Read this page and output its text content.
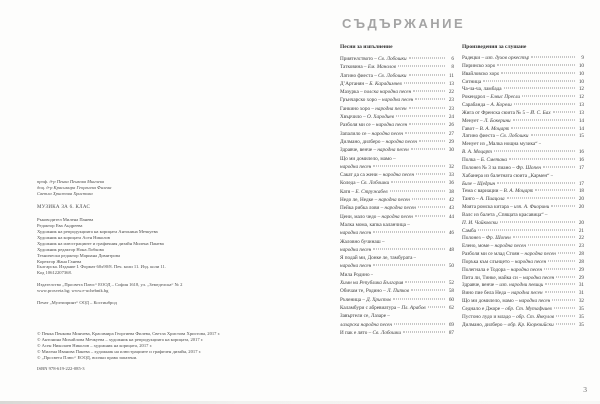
СЪДЪРЖАНИЕ
Песни за изпълнение
Приятелството – Св. Лобошки	6
Татковина – Ем. Манолов	8
Латино фиеста – Св. Лобошки	11
Д’Артанян – Б. Карадимчев	13
Мазурка – полска народна песен	22
Грънчарско хоро – народна песен	23
Ганкино хоро – народна песен	23
Хвърчило – О. Хародиев	24
Разболя ми се – народна песен	26
Запалило се – народна песен	27
Дилмано, дилберо – народна песен	29
Здравче, венче – народна песен	30
Що ми домилело, мамо –
народна песен	32
Сакат да са жени – народна песен	33
Коледа – Св. Лобошки	36
Катя – Е. Стружабев	38
Недо ле, Недке – народна песен	42
Пейка рибка лови – народна песен	43
Цени, мало чедо – народна песен	44
Малка мома, капка каланчица –
народна песен	46
Жаловно бучинаш –
народна песен	48
Я подай ми, Донке ле, тамбурата –
народна песен	50
Мила Родино –
Химн на Република България	52
Обичам те, Родино – Л. Пипков	58
Ръченица – Д. Христов	60
Каламбури с абревиатура – Пл. Арабов	62
Завъртели се, Лазаре –
лазарска народна песен	69
И пак е лято – Св. Лобошки	87
Произведения за слушане
Радецки – изп. духов оркестър	9
Пиринско хоро	10
Ивайловско хоро	10
Ситница	10
Ча-ча-ча, ламбада	12
Рокендрол – Елвис Пресли	12
Сарабанда – А. Корели	13
Жига от Френска сюита № 5 – Й. С. Бах	13
Менует – Л. Бокерини	14
Гавот – В. А. Моцарт	14
Латино фиеста – Св. Лобошки	15
Менует из „Малка нощна музика“ –
В. А. Моцарт	16
Полка – Б. Сметана	16
Полонез № 3 за пиано – Фр. Шопен	17
Хабанера из балетната сюита „Кармен“ –
Бизе – Щедрин	17
Тема с вариации – В. А. Моцарт	18
Танго – А. Пиацола	20
Моята ромска китара – изп. А. Фиорини	20
Валс из балета „Спящата красавица“ –
П. И. Чайковски	20
Самба	21
Полонез – Фр. Шопен	22
Елено, моме – народна песен	23
Разболя ми се млад Стоян – народна песен	28
Поръка към слънцето – народна песен	28
Полегнала е Тодора – народна песен	29
Пита ли, Тинке, майка си – народна песен	29
Здравче, венче – изп. народни певици	31
Вино пие бела Неда – народна песен	31
Що ми домилело, мамо – народна песен	32
Седнало е Джоре – обр. Ст. Мутафчиев	35
Пустоно лудо и младо – обр. Ст. Янкулов	35
Дилмано, дилберо – обр. Кр. Кюркчийски	35
проф. д-р Пенка Пенкова Минчева
доц. д-р Красимира Георгиева Филева
Светла Христова Христова
МУЗИКА ЗА 6. КЛАС
Ръководител Милена Панева
Редактор Ева Андреева
Художник на репродукцията на корицата Антонина Мечкуева
Художник на корицата Асен Николов
Художник на илюстрациите и графичния дизайн Милена Панева
Художник редактор Нона Лобкова
Технически редактор Мариана Димитрова
Коректор Жана Ганева
Българска. Издание I. Формат 60х90/8. Печ. коли 11. Изд. коли 11.
Код 10612207368.
Издателство „Просвета Плюс“ ЕООД – София 1618, ул. „Земеделска“ № 2
www.prosveta.bg; www.e-uchebnik.bg
Печат „Мултипринт“ ООД – Костинброд
© Пенка Пенкова Минчева, Красимира Георгиева Филева, Светла Христова Христова, 2017 г.
© Антонина Михайлова Мечкуева – художник на репродукцията на корицата, 2017 г.
© Асен Николаев Николов – художник на корицата, 2017 г.
© Милена Иванова Панева – художник на илюстрациите и графичен дизайн, 2017 г.
© „Просвета Плюс“ ЕООД, всички права запазени.
ISBN 978-619-222-085-3
3
